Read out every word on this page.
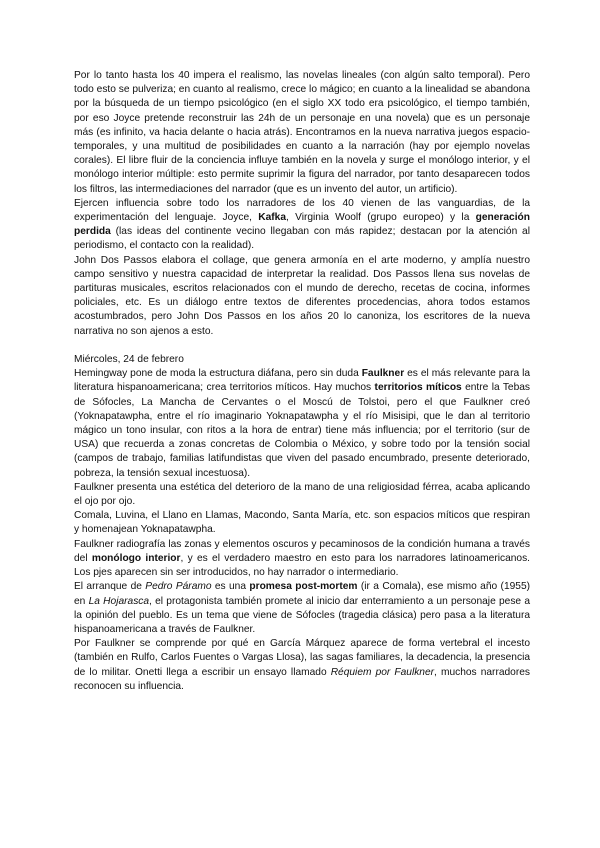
Por lo tanto hasta los 40 impera el realismo, las novelas lineales (con algún salto temporal). Pero todo esto se pulveriza; en cuanto al realismo, crece lo mágico; en cuanto a la linealidad se abandona por la búsqueda de un tiempo psicológico (en el siglo XX todo era psicológico, el tiempo también, por eso Joyce pretende reconstruir las 24h de un personaje en una novela) que es un personaje más (es infinito, va hacia delante o hacia atrás). Encontramos en la nueva narrativa juegos espacio-temporales, y una multitud de posibilidades en cuanto a la narración (hay por ejemplo novelas corales). El libre fluir de la conciencia influye también en la novela y surge el monólogo interior, y el monólogo interior múltiple: esto permite suprimir la figura del narrador, por tanto desaparecen todos los filtros, las intermediaciones del narrador (que es un invento del autor, un artificio).

Ejercen influencia sobre todo los narradores de los 40 vienen de las vanguardias, de la experimentación del lenguaje. Joyce, Kafka, Virginia Woolf (grupo europeo) y la generación perdida (las ideas del continente vecino llegaban con más rapidez; destacan por la atención al periodismo, el contacto con la realidad).

John Dos Passos elabora el collage, que genera armonía en el arte moderno, y amplía nuestro campo sensitivo y nuestra capacidad de interpretar la realidad. Dos Passos llena sus novelas de partituras musicales, escritos relacionados con el mundo de derecho, recetas de cocina, informes policiales, etc. Es un diálogo entre textos de diferentes procedencias, ahora todos estamos acostumbrados, pero John Dos Passos en los años 20 lo canoniza, los escritores de la nueva narrativa no son ajenos a esto.

Miércoles, 24 de febrero

Hemingway pone de moda la estructura diáfana, pero sin duda Faulkner es el más relevante para la literatura hispanoamericana; crea territorios míticos. Hay muchos territorios míticos entre la Tebas de Sófocles, La Mancha de Cervantes o el Moscú de Tolstoi, pero el que Faulkner creó (Yoknapatawpha, entre el río imaginario Yoknapatawpha y el río Misisipi, que le dan al territorio mágico un tono insular, con ritos a la hora de entrar) tiene más influencia; por el territorio (sur de USA) que recuerda a zonas concretas de Colombia o México, y sobre todo por la tensión social (campos de trabajo, familias latifundistas que viven del pasado encumbrado, presente deteriorado, pobreza, la tensión sexual incestuosa).

Faulkner presenta una estética del deterioro de la mano de una religiosidad férrea, acaba aplicando el ojo por ojo.

Comala, Luvina, el Llano en Llamas, Macondo, Santa María, etc. son espacios míticos que respiran y homenajean Yoknapatawpha.

Faulkner radiografía las zonas y elementos oscuros y pecaminosos de la condición humana a través del monólogo interior, y es el verdadero maestro en esto para los narradores latinoamericanos. Los pjes aparecen sin ser introducidos, no hay narrador o intermediario.

El arranque de Pedro Páramo es una promesa post-mortem (ir a Comala), ese mismo año (1955) en La Hojarasca, el protagonista también promete al inicio dar enterramiento a un personaje pese a la opinión del pueblo. Es un tema que viene de Sófocles (tragedia clásica) pero pasa a la literatura hispanoamericana a través de Faulkner.

Por Faulkner se comprende por qué en García Márquez aparece de forma vertebral el incesto (también en Rulfo, Carlos Fuentes o Vargas Llosa), las sagas familiares, la decadencia, la presencia de lo militar. Onetti llega a escribir un ensayo llamado Réquiem por Faulkner, muchos narradores reconocen su influencia.
